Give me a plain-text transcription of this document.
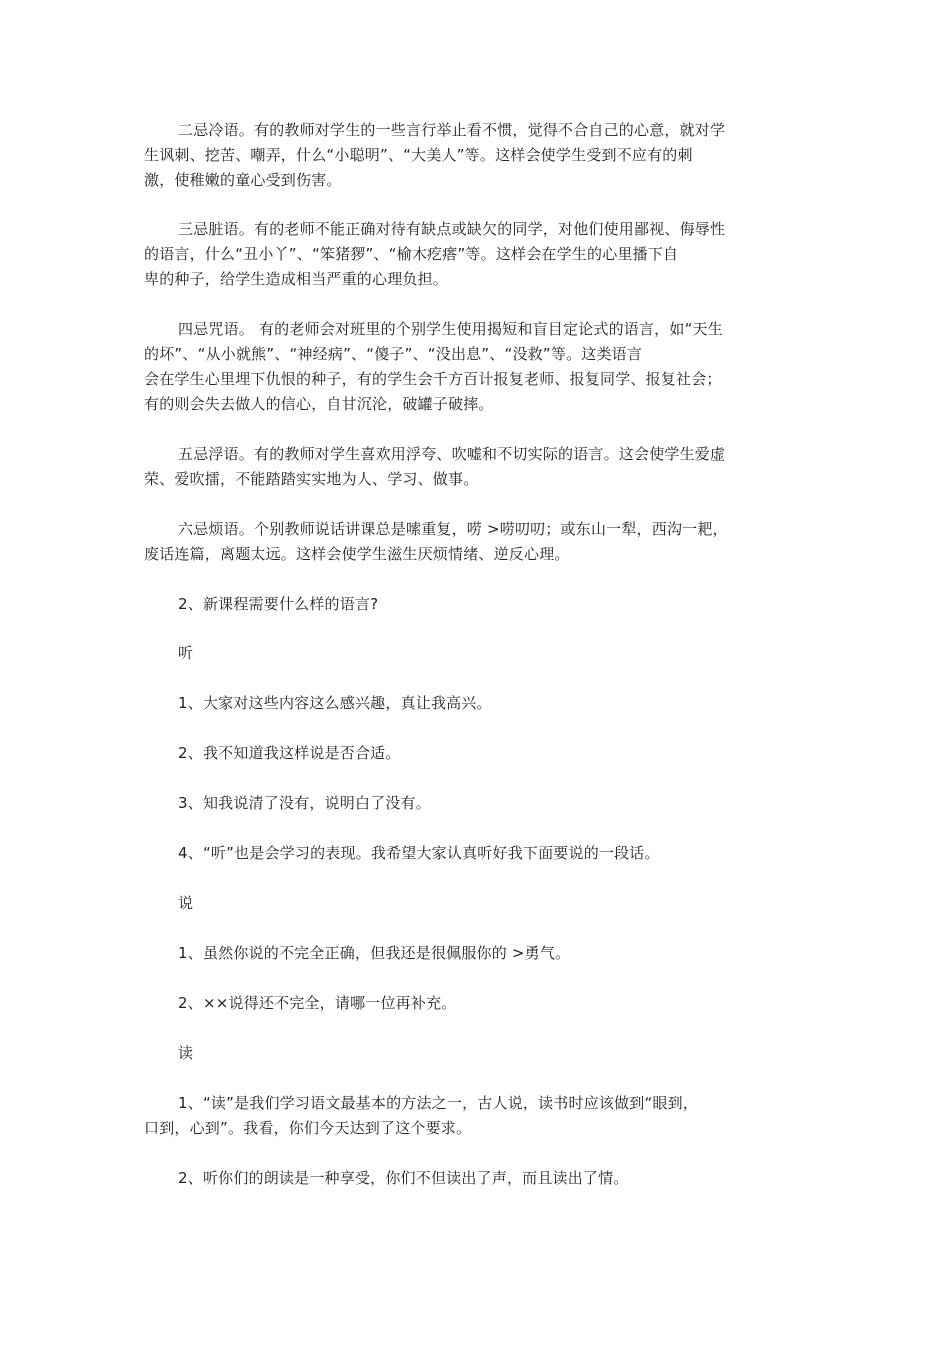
二忌冷语。有的教师对学生的一些言行举止看不惯，觉得不合自己的心意，就对学
生讽刺、挖苦、嘲弄，什么“小聪明”、“大美人”等。这样会使学生受到不应有的刺
激，使稚嫩的童心受到伤害。
三忌脏语。有的老师不能正确对待有缺点或缺欠的同学，对他们使用鄙视、侮辱性
的语言，什么“丑小丫”、“笨猪猡”、“榆木疙瘩”等。这样会在学生的心里播下自
卑的种子，给学生造成相当严重的心理负担。
四忌咒语。 有的老师会对班里的个别学生使用揭短和盲目定论式的语言，如“天生
的坏”、“从小就熊”、“神经病”、“傻子”、“没出息”、“没救”等。这类语言
会在学生心里埋下仇恨的种子，有的学生会千方百计报复老师、报复同学、报复社会；
有的则会失去做人的信心，自甘沉沦，破罐子破摔。
五忌浮语。有的教师对学生喜欢用浮夸、吹嘘和不切实际的语言。这会使学生爱虚
荣、爱吹擂，不能踏踏实实地为人、学习、做事。
六忌烦语。个别教师说话讲课总是嗦重复，唠 >唠叨叨；或东山一犁，西沟一耙，
废话连篇，离题太远。这样会使学生滋生厌烦情绪、逆反心理。
2、新课程需要什么样的语言?
听
1、大家对这些内容这么感兴趣，真让我高兴。
2、我不知道我这样说是否合适。
3、知我说清了没有，说明白了没有。
4、“听”也是会学习的表现。我希望大家认真听好我下面要说的一段话。
说
1、虽然你说的不完全正确，但我还是很佩服你的 >勇气。
2、××说得还不完全，请哪一位再补充。
读
1、“读”是我们学习语文最基本的方法之一，古人说，读书时应该做到“眼到，
口到，心到”。我看，你们今天达到了这个要求。
2、听你们的朗读是一种享受，你们不但读出了声，而且读出了情。
